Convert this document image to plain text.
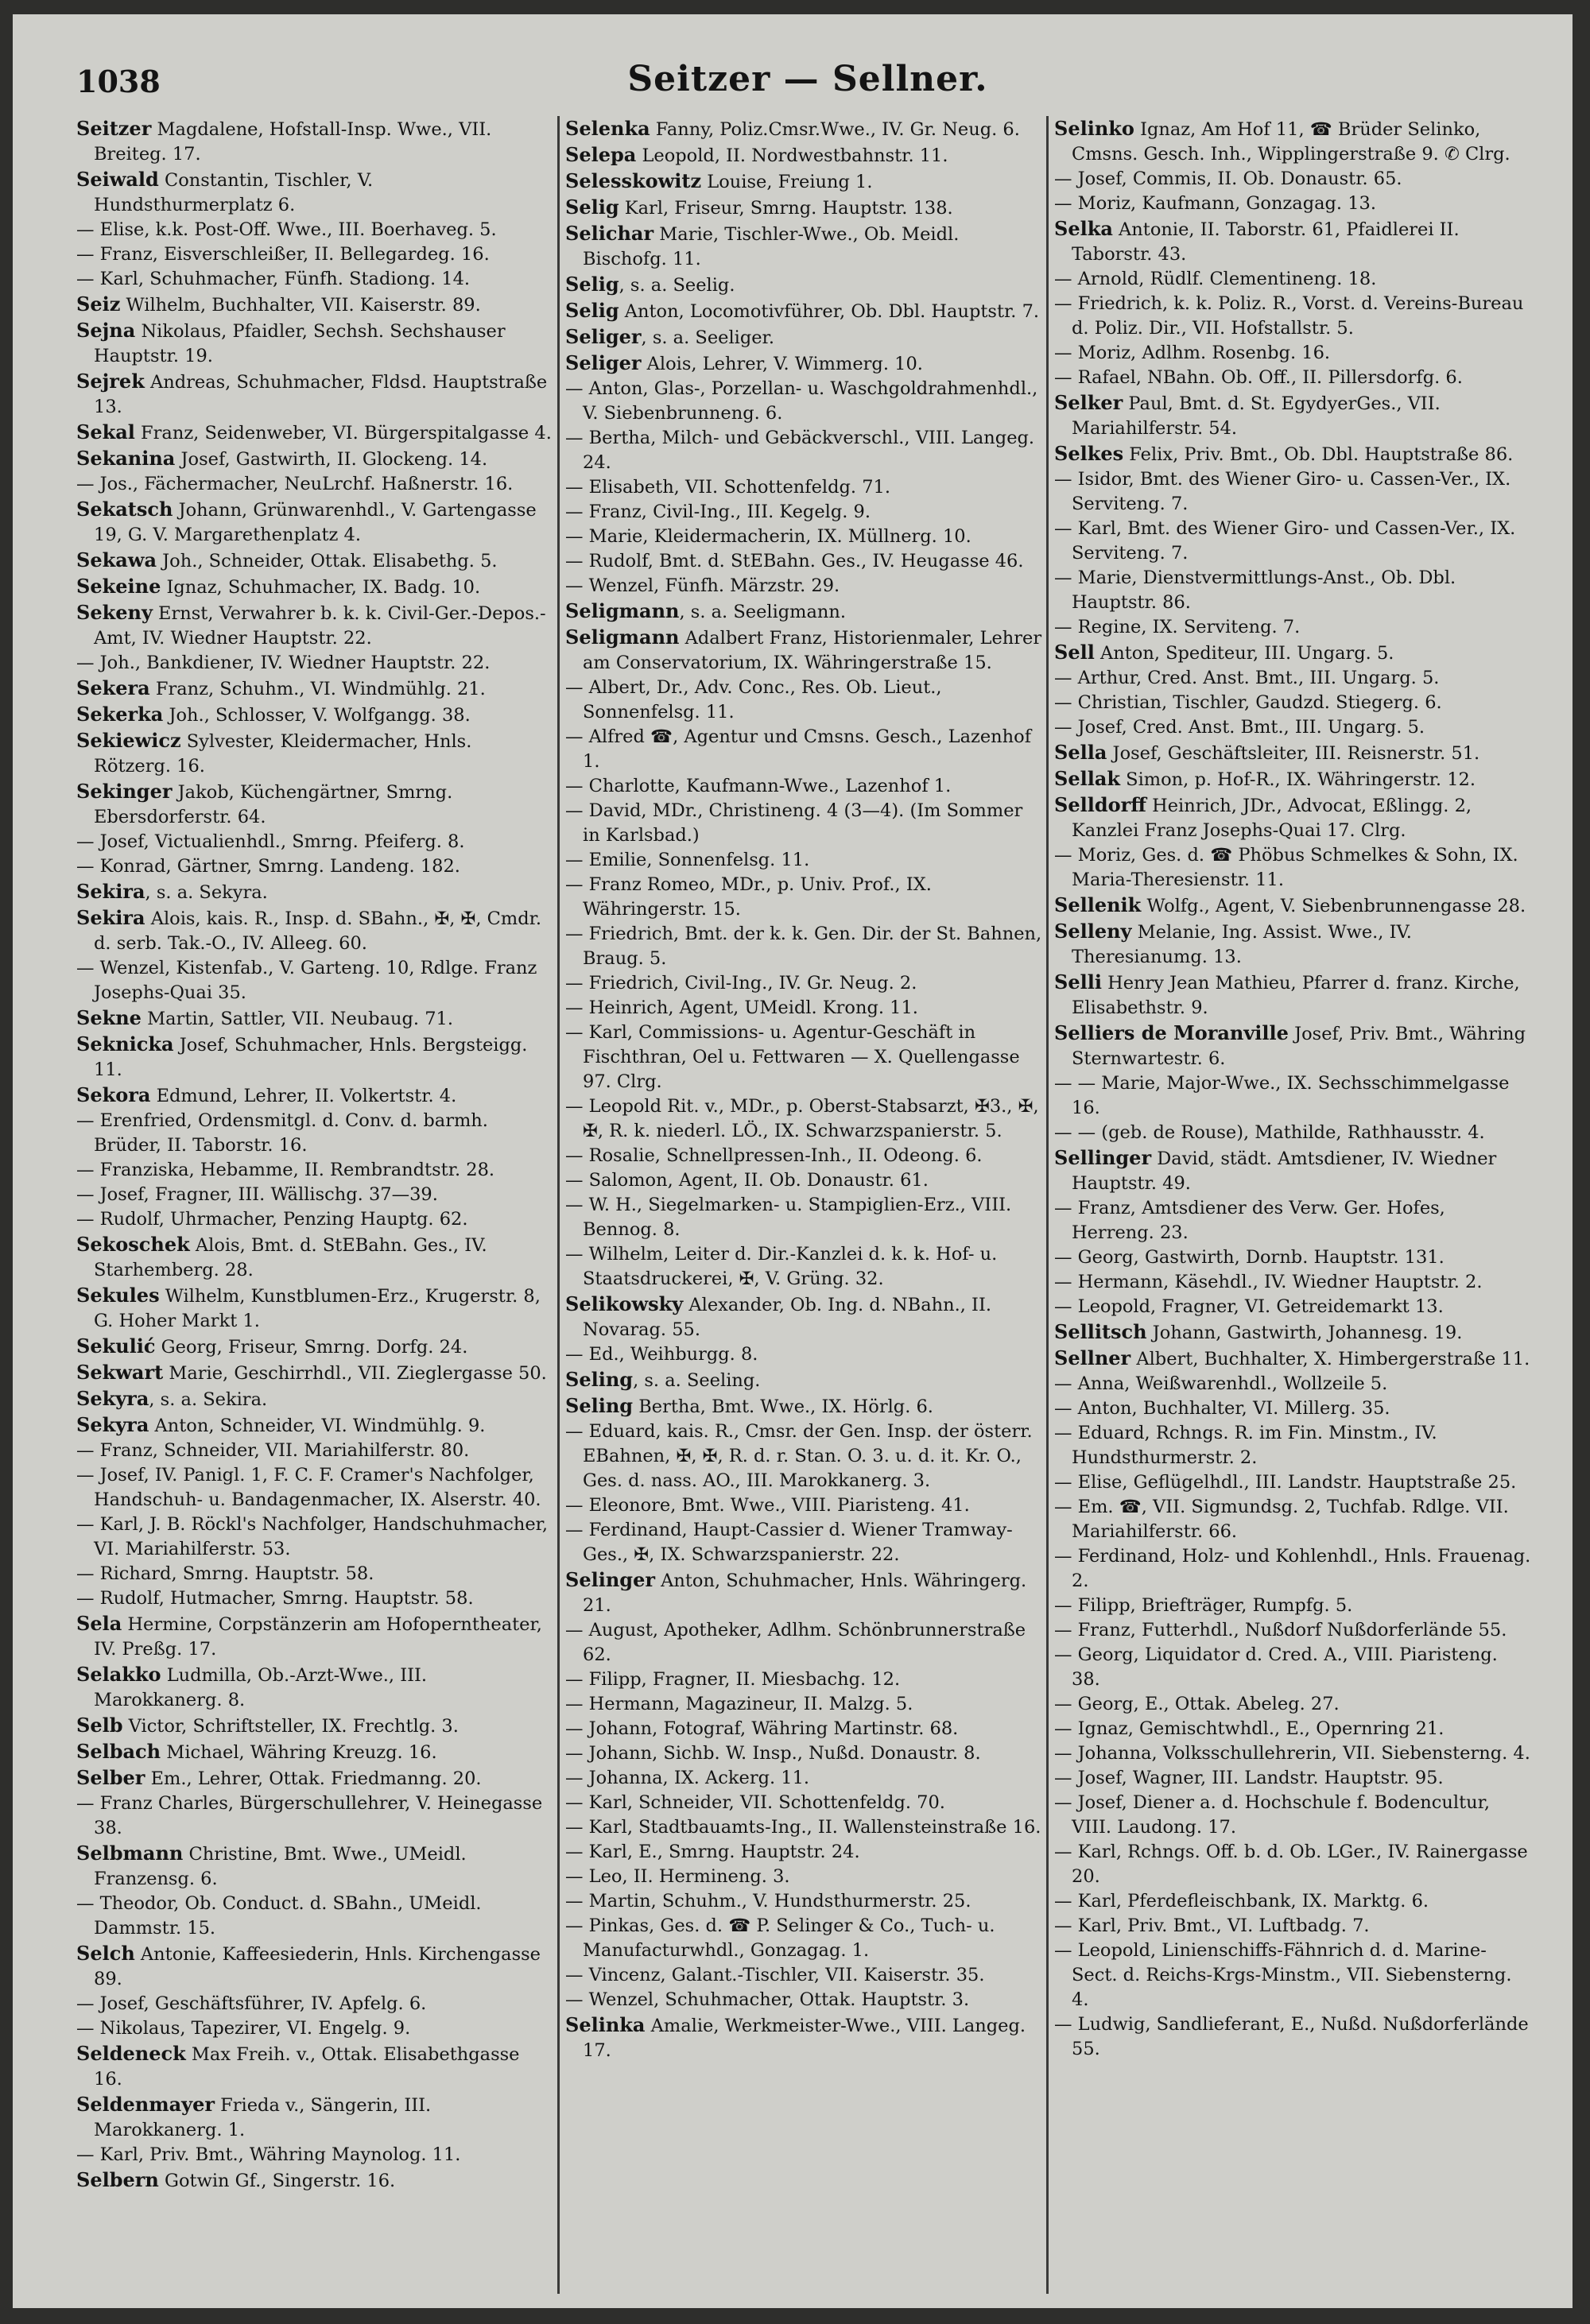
1038	Seitzer — Sellner.

Seitzer Magdalene, Hofstall-Insp. Wwe., VII. Breiteg. 17.

Seiwald Constantin, Tischler, V. Hundsthurmerplatz 6.

— Elise, k.k. Post-Off. Wwe., III. Boerhaveg. 5.

— Franz, Eisverschleißer, II. Bellegardeg. 16.

— Karl, Schuhmacher, Fünfh. Stadiong. 14.

Seiz Wilhelm, Buchhalter, VII. Kaiserstr. 89.

Sejna Nikolaus, Pfaidler, Sechsh. Sechshauser Hauptstr. 19.

Sejrek Andreas, Schuhmacher, Fldsd. Hauptstraße 13.

Sekal Franz, Seidenweber, VI. Bürgerspitalgasse 4.

Sekanina Josef, Gastwirth, II. Glockeng. 14.

— Jos., Fächermacher, NeuLrchf. Haßnerstr. 16.

Sekatsch Johann, Grünwarenhdl., V. Gartengasse 19, G. V. Margarethenplatz 4.

Sekawa Joh., Schneider, Ottak. Elisabethg. 5.

Sekeine Ignaz, Schuhmacher, IX. Badg. 10.

Sekeny Ernst, Verwahrer b. k. k. Civil-Ger.-Depos.-Amt, IV. Wiedner Hauptstr. 22.

— Joh., Bankdiener, IV. Wiedner Hauptstr. 22.

Sekera Franz, Schuhm., VI. Windmühlg. 21.

Sekerka Joh., Schlosser, V. Wolfgangg. 38.

Sekiewicz Sylvester, Kleidermacher, Hnls. Rötzerg. 16.

Sekinger Jakob, Küchengärtner, Smrng. Ebersdorferstr. 64.

— Josef, Victualienhdl., Smrng. Pfeiferg. 8.

— Konrad, Gärtner, Smrng. Landeng. 182.

Sekira, s. a. Sekyra.

Sekira Alois, kais. R., Insp. d. SBahn., ✠, ✠, Cmdr. d. serb. Tak.-O., IV. Alleeg. 60.

— Wenzel, Kistenfab., V. Garteng. 10, Rdlge. Franz Josephs-Quai 35.

Sekne Martin, Sattler, VII. Neubaug. 71.

Seknicka Josef, Schuhmacher, Hnls. Bergsteigg. 11.

Sekora Edmund, Lehrer, II. Volkertstr. 4.

— Erenfried, Ordensmitgl. d. Conv. d. barmh. Brüder, II. Taborstr. 16.

— Franziska, Hebamme, II. Rembrandtstr. 28.

— Josef, Fragner, III. Wällischg. 37—39.

— Rudolf, Uhrmacher, Penzing Hauptg. 62.

Sekoschek Alois, Bmt. d. StEBahn. Ges., IV. Starhemberg. 28.

Sekules Wilhelm, Kunstblumen-Erz., Krugerstr. 8, G. Hoher Markt 1.

Sekulić Georg, Friseur, Smrng. Dorfg. 24.

Sekwart Marie, Geschirrhdl., VII. Zieglergasse 50.

Sekyra, s. a. Sekira.

Sekyra Anton, Schneider, VI. Windmühlg. 9.

— Franz, Schneider, VII. Mariahilferstr. 80.

— Josef, IV. Panigl. 1, F. C. F. Cramer's Nachfolger, Handschuh- u. Bandagenmacher, IX. Alserstr. 40.

— Karl, J. B. Röckl's Nachfolger, Handschuhmacher, VI. Mariahilferstr. 53.

— Richard, Smrng. Hauptstr. 58.

— Rudolf, Hutmacher, Smrng. Hauptstr. 58.

Sela Hermine, Corpstänzerin am Hofoperntheater, IV. Preßg. 17.

Selakko Ludmilla, Ob.-Arzt-Wwe., III. Marokkanerg. 8.

Selb Victor, Schriftsteller, IX. Frechtlg. 3.

Selbach Michael, Währing Kreuzg. 16.

Selber Em., Lehrer, Ottak. Friedmanng. 20.

— Franz Charles, Bürgerschullehrer, V. Heinegasse 38.

Selbmann Christine, Bmt. Wwe., UMeidl. Franzensg. 6.

— Theodor, Ob. Conduct. d. SBahn., UMeidl. Dammstr. 15.

Selch Antonie, Kaffeesiederin, Hnls. Kirchengasse 89.

— Josef, Geschäftsführer, IV. Apfelg. 6.

— Nikolaus, Tapezirer, VI. Engelg. 9.

Seldeneck Max Freih. v., Ottak. Elisabethgasse 16.

Seldenmayer Frieda v., Sängerin, III. Marokkanerg. 1.

— Karl, Priv. Bmt., Währing Maynolog. 11.

Selbern Gotwin Gf., Singerstr. 16.

Selenka Fanny, Poliz.Cmsr.Wwe., IV. Gr. Neug. 6.

Selepa Leopold, II. Nordwestbahnstr. 11.

Selesskowitz Louise, Freiung 1.

Selig Karl, Friseur, Smrng. Hauptstr. 138.

Selichar Marie, Tischler-Wwe., Ob. Meidl. Bischofg. 11.

Selig, s. a. Seelig.

Selig Anton, Locomotivführer, Ob. Dbl. Hauptstr. 7.

Seliger, s. a. Seeliger.

Seliger Alois, Lehrer, V. Wimmerg. 10.

— Anton, Glas-, Porzellan- u. Waschgoldrahmenhdl., V. Siebenbrunneng. 6.

— Bertha, Milch- und Gebäckverschl., VIII. Langeg. 24.

— Elisabeth, VII. Schottenfeldg. 71.

— Franz, Civil-Ing., III. Kegelg. 9.

— Marie, Kleidermacherin, IX. Müllnerg. 10.

— Rudolf, Bmt. d. StEBahn. Ges., IV. Heugasse 46.

— Wenzel, Fünfh. Märzstr. 29.

Seligmann, s. a. Seeligmann.

Seligmann Adalbert Franz, Historienmaler, Lehrer am Conservatorium, IX. Währingerstraße 15.

— Albert, Dr., Adv. Conc., Res. Ob. Lieut., Sonnenfelsg. 11.

— Alfred ☎, Agentur und Cmsns. Gesch., Lazenhof 1.

— Charlotte, Kaufmann-Wwe., Lazenhof 1.

— David, MDr., Christineng. 4 (3—4). (Im Sommer in Karlsbad.)

— Emilie, Sonnenfelsg. 11.

— Franz Romeo, MDr., p. Univ. Prof., IX. Währingerstr. 15.

— Friedrich, Bmt. der k. k. Gen. Dir. der St. Bahnen, Braug. 5.

— Friedrich, Civil-Ing., IV. Gr. Neug. 2.

— Heinrich, Agent, UMeidl. Krong. 11.

— Karl, Commissions- u. Agentur-Geschäft in Fischthran, Oel u. Fettwaren — X. Quellengasse 97. Clrg.

— Leopold Rit. v., MDr., p. Oberst-Stabsarzt, ✠3., ✠, ✠, R. k. niederl. LÖ., IX. Schwarzspanierstr. 5.

— Rosalie, Schnellpressen-Inh., II. Odeong. 6.

— Salomon, Agent, II. Ob. Donaustr. 61.

— W. H., Siegelmarken- u. Stampiglien-Erz., VIII. Bennog. 8.

— Wilhelm, Leiter d. Dir.-Kanzlei d. k. k. Hof- u. Staatsdruckerei, ✠, V. Grüng. 32.

Selikowsky Alexander, Ob. Ing. d. NBahn., II. Novarag. 55.

— Ed., Weihburgg. 8.

Seling, s. a. Seeling.

Seling Bertha, Bmt. Wwe., IX. Hörlg. 6.

— Eduard, kais. R., Cmsr. der Gen. Insp. der österr. EBahnen, ✠, ✠, R. d. r. Stan. O. 3. u. d. it. Kr. O., Ges. d. nass. AO., III. Marokkanerg. 3.

— Eleonore, Bmt. Wwe., VIII. Piaristeng. 41.

— Ferdinand, Haupt-Cassier d. Wiener Tramway-Ges., ✠, IX. Schwarzspanierstr. 22.

Selinger Anton, Schuhmacher, Hnls. Währingerg. 21.

— August, Apotheker, Adlhm. Schönbrunnerstraße 62.

— Filipp, Fragner, II. Miesbachg. 12.

— Hermann, Magazineur, II. Malzg. 5.

— Johann, Fotograf, Währing Martinstr. 68.

— Johann, Sichb. W. Insp., Nußd. Donaustr. 8.

— Johanna, IX. Ackerg. 11.

— Karl, Schneider, VII. Schottenfeldg. 70.

— Karl, Stadtbauamts-Ing., II. Wallensteinstraße 16.

— Karl, E., Smrng. Hauptstr. 24.

— Leo, II. Hermineng. 3.

— Martin, Schuhm., V. Hundsthurmerstr. 25.

— Pinkas, Ges. d. ☎ P. Selinger & Co., Tuch- u. Manufacturwhdl., Gonzagag. 1.

— Vincenz, Galant.-Tischler, VII. Kaiserstr. 35.

— Wenzel, Schuhmacher, Ottak. Hauptstr. 3.

Selinka Amalie, Werkmeister-Wwe., VIII. Langeg. 17.

Selinko Ignaz, Am Hof 11, ☎ Brüder Selinko, Cmsns. Gesch. Inh., Wipplingerstraße 9. ✆ Clrg.

— Josef, Commis, II. Ob. Donaustr. 65.

— Moriz, Kaufmann, Gonzagag. 13.

Selka Antonie, II. Taborstr. 61, Pfaidlerei II. Taborstr. 43.

— Arnold, Rüdlf. Clementineng. 18.

— Friedrich, k. k. Poliz. R., Vorst. d. Vereins-Bureau d. Poliz. Dir., VII. Hofstallstr. 5.

— Moriz, Adlhm. Rosenbg. 16.

— Rafael, NBahn. Ob. Off., II. Pillersdorfg. 6.

Selker Paul, Bmt. d. St. EgydyerGes., VII. Mariahilferstr. 54.

Selkes Felix, Priv. Bmt., Ob. Dbl. Hauptstraße 86.

— Isidor, Bmt. des Wiener Giro- u. Cassen-Ver., IX. Serviteng. 7.

— Karl, Bmt. des Wiener Giro- und Cassen-Ver., IX. Serviteng. 7.

— Marie, Dienstvermittlungs-Anst., Ob. Dbl. Hauptstr. 86.

— Regine, IX. Serviteng. 7.

Sell Anton, Spediteur, III. Ungarg. 5.

— Arthur, Cred. Anst. Bmt., III. Ungarg. 5.

— Christian, Tischler, Gaudzd. Stiegerg. 6.

— Josef, Cred. Anst. Bmt., III. Ungarg. 5.

Sella Josef, Geschäftsleiter, III. Reisnerstr. 51.

Sellak Simon, p. Hof-R., IX. Währingerstr. 12.

Selldorff Heinrich, JDr., Advocat, Eßlingg. 2, Kanzlei Franz Josephs-Quai 17. Clrg.

— Moriz, Ges. d. ☎ Phöbus Schmelkes & Sohn, IX. Maria-Theresienstr. 11.

Sellenik Wolfg., Agent, V. Siebenbrunnengasse 28.

Selleny Melanie, Ing. Assist. Wwe., IV. Theresianumg. 13.

Selli Henry Jean Mathieu, Pfarrer d. franz. Kirche, Elisabethstr. 9.

Selliers de Moranville Josef, Priv. Bmt., Währing Sternwartestr. 6.

— — Marie, Major-Wwe., IX. Sechsschimmelgasse 16.

— — (geb. de Rouse), Mathilde, Rathhausstr. 4.

Sellinger David, städt. Amtsdiener, IV. Wiedner Hauptstr. 49.

— Franz, Amtsdiener des Verw. Ger. Hofes, Herreng. 23.

— Georg, Gastwirth, Dornb. Hauptstr. 131.

— Hermann, Käsehdl., IV. Wiedner Hauptstr. 2.

— Leopold, Fragner, VI. Getreidemarkt 13.

Sellitsch Johann, Gastwirth, Johannesg. 19.

Sellner Albert, Buchhalter, X. Himbergerstraße 11.

— Anna, Weißwarenhdl., Wollzeile 5.

— Anton, Buchhalter, VI. Millerg. 35.

— Eduard, Rchngs. R. im Fin. Minstm., IV. Hundsthurmerstr. 2.

— Elise, Geflügelhdl., III. Landstr. Hauptstraße 25.

— Em. ☎, VII. Sigmundsg. 2, Tuchfab. Rdlge. VII. Mariahilferstr. 66.

— Ferdinand, Holz- und Kohlenhdl., Hnls. Frauenag. 2.

— Filipp, Briefträger, Rumpfg. 5.

— Franz, Futterhdl., Nußdorf Nußdorferlände 55.

— Georg, Liquidator d. Cred. A., VIII. Piaristeng. 38.

— Georg, E., Ottak. Abeleg. 27.

— Ignaz, Gemischtwhdl., E., Opernring 21.

— Johanna, Volksschullehrerin, VII. Siebensterng. 4.

— Josef, Wagner, III. Landstr. Hauptstr. 95.

— Josef, Diener a. d. Hochschule f. Bodencultur, VIII. Laudong. 17.

— Karl, Rchngs. Off. b. d. Ob. LGer., IV. Rainergasse 20.

— Karl, Pferdefleischbank, IX. Marktg. 6.

— Karl, Priv. Bmt., VI. Luftbadg. 7.

— Leopold, Linienschiffs-Fähnrich d. d. Marine-Sect. d. Reichs-Krgs-Minstm., VII. Siebensterng. 4.

— Ludwig, Sandlieferant, E., Nußd. Nußdorferlände 55.
